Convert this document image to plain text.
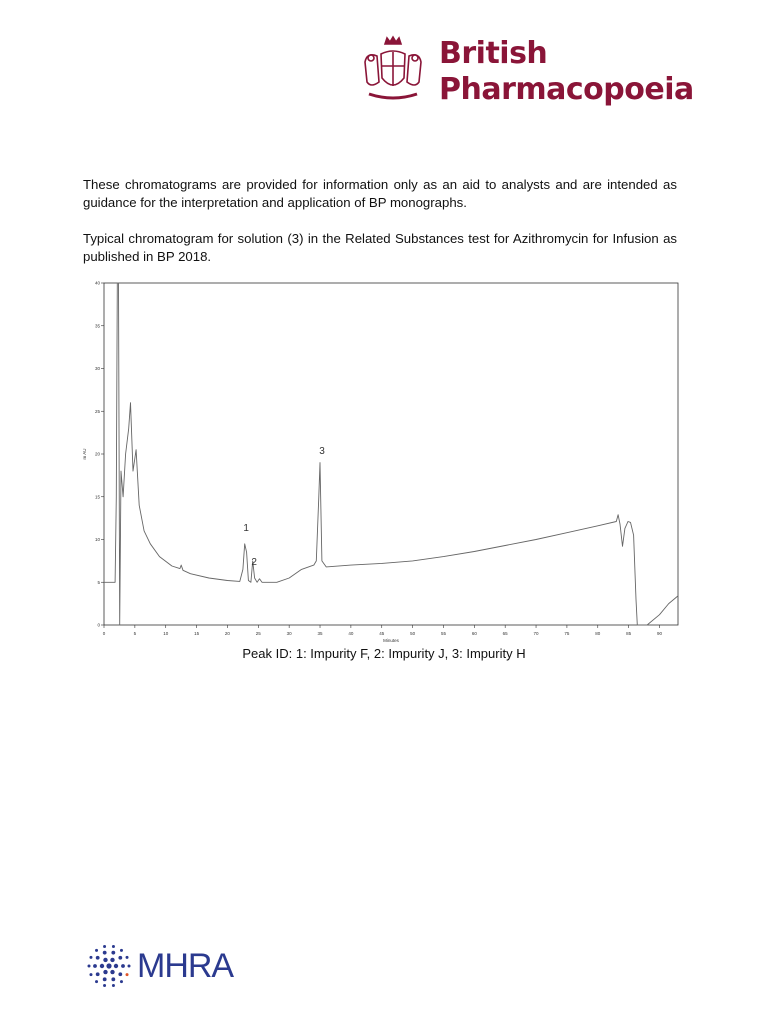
British
Pharmacopoeia

These chromatograms are provided for information only as an aid to analysts and are intended as guidance for the interpretation and application of BP monographs.

Typical chromatogram for solution (3) in the Related Substances test for Azithromycin for Infusion as published in BP 2018.

0	5	10	15	20	25	30	35	40	45	50	55	60	65	70	75	80	85	90
0
5
10
15
20
25
30
35
40
Minutes
m AU
1
2
3
Peak ID: 1: Impurity F, 2: Impurity J, 3: Impurity H
MHRA
